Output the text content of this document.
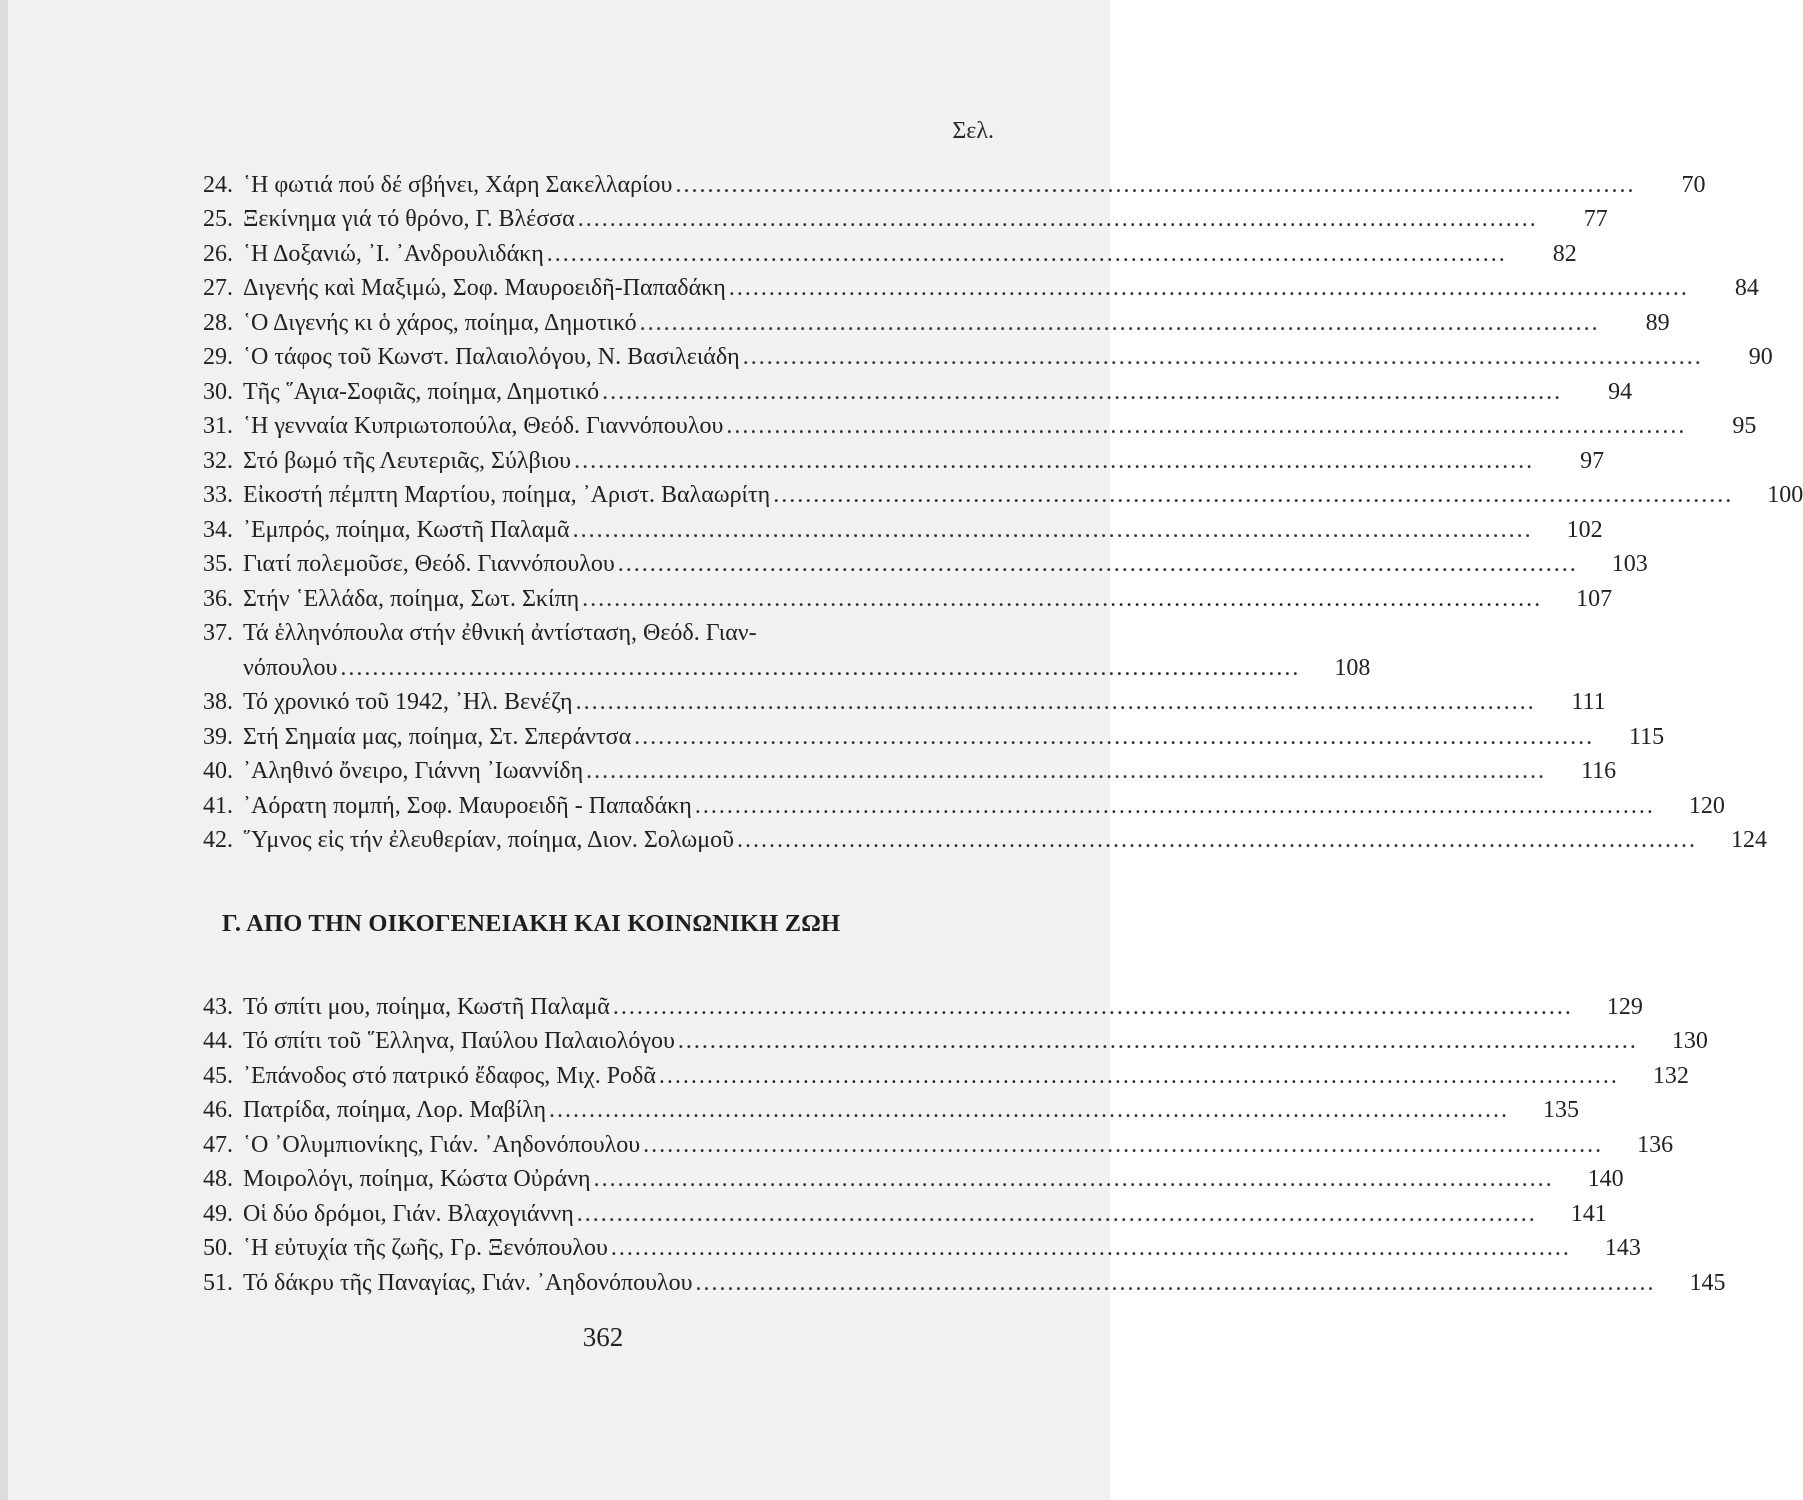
Σελ.
24. ῾Η φωτιά πού δέ σβήνει, Χάρη Σακελλαρίου ........................................................................................................................	70
25. Ξεκίνημα γιά τό θρόνο, Γ. Βλέσσα ........................................................................................................................	77
26. ῾Η Δοξανιώ, ᾿Ι. ᾿Ανδρουλιδάκη ........................................................................................................................	82
27. Διγενής καὶ Μαξιμώ, Σοφ. Μαυροειδῆ-Παπαδάκη ........................................................................................................................	84
28. ῾Ο Διγενής κι ὁ χάρος, ποίημα, Δημοτικό ........................................................................................................................	89
29. ῾Ο τάφος τοῦ Κωνστ. Παλαιολόγου, Ν. Βασιλειάδη ........................................................................................................................	90
30. Τῆς ῞Αγια-Σοφιᾶς, ποίημα, Δημοτικό ........................................................................................................................	94
31. ῾Η γενναία Κυπριωτοπούλα, Θεόδ. Γιαννόπουλου ........................................................................................................................	95
32. Στό βωμό τῆς Λευτεριᾶς, Σύλβιου ........................................................................................................................	97
33. Εἰκοστή πέμπτη Μαρτίου, ποίημα, ᾿Αριστ. Βαλαωρίτη ........................................................................................................................	100
34. ᾿Εμπρός, ποίημα, Κωστῆ Παλαμᾶ ........................................................................................................................	102
35. Γιατί πολεμοῦσε, Θεόδ. Γιαννόπουλου ........................................................................................................................	103
36. Στήν ῾Ελλάδα, ποίημα, Σωτ. Σκίπη ........................................................................................................................	107
37. Τά ἑλληνόπουλα στήν ἐθνική ἀντίσταση, Θεόδ. Γιαν-
νόπουλου ........................................................................................................................	108
38. Τό χρονικό τοῦ 1942, ᾿Ηλ. Βενέζη ........................................................................................................................	111
39. Στή Σημαία μας, ποίημα, Στ. Σπεράντσα ........................................................................................................................	115
40. ᾿Αληθινό ὄνειρο, Γιάννη ᾿Ιωαννίδη ........................................................................................................................	116
41. ᾿Αόρατη πομπή, Σοφ. Μαυροειδῆ - Παπαδάκη ........................................................................................................................	120
42. ῞Υμνος εἰς τήν ἐλευθερίαν, ποίημα, Διον. Σολωμοῦ ........................................................................................................................	124
Γ. ΑΠΟ ΤΗΝ ΟΙΚΟΓΕΝΕΙΑΚΗ ΚΑΙ ΚΟΙΝΩΝΙΚΗ ΖΩΗ
43. Τό σπίτι μου, ποίημα, Κωστῆ Παλαμᾶ ........................................................................................................................	129
44. Τό σπίτι τοῦ ῞Ελληνα, Παύλου Παλαιολόγου ........................................................................................................................	130
45. ᾿Επάνοδος στό πατρικό ἔδαφος, Μιχ. Ροδᾶ ........................................................................................................................	132
46. Πατρίδα, ποίημα, Λορ. Μαβίλη ........................................................................................................................	135
47. ῾Ο ᾿Ολυμπιονίκης, Γιάν. ᾿Αηδονόπουλου ........................................................................................................................	136
48. Μοιρολόγι, ποίημα, Κώστα Οὐράνη ........................................................................................................................	140
49. Οἱ δύο δρόμοι, Γιάν. Βλαχογιάννη ........................................................................................................................	141
50. ῾Η εὐτυχία τῆς ζωῆς, Γρ. Ξενόπουλου ........................................................................................................................	143
51. Τό δάκρυ τῆς Παναγίας, Γιάν. ᾿Αηδονόπουλου ........................................................................................................................	145
362
